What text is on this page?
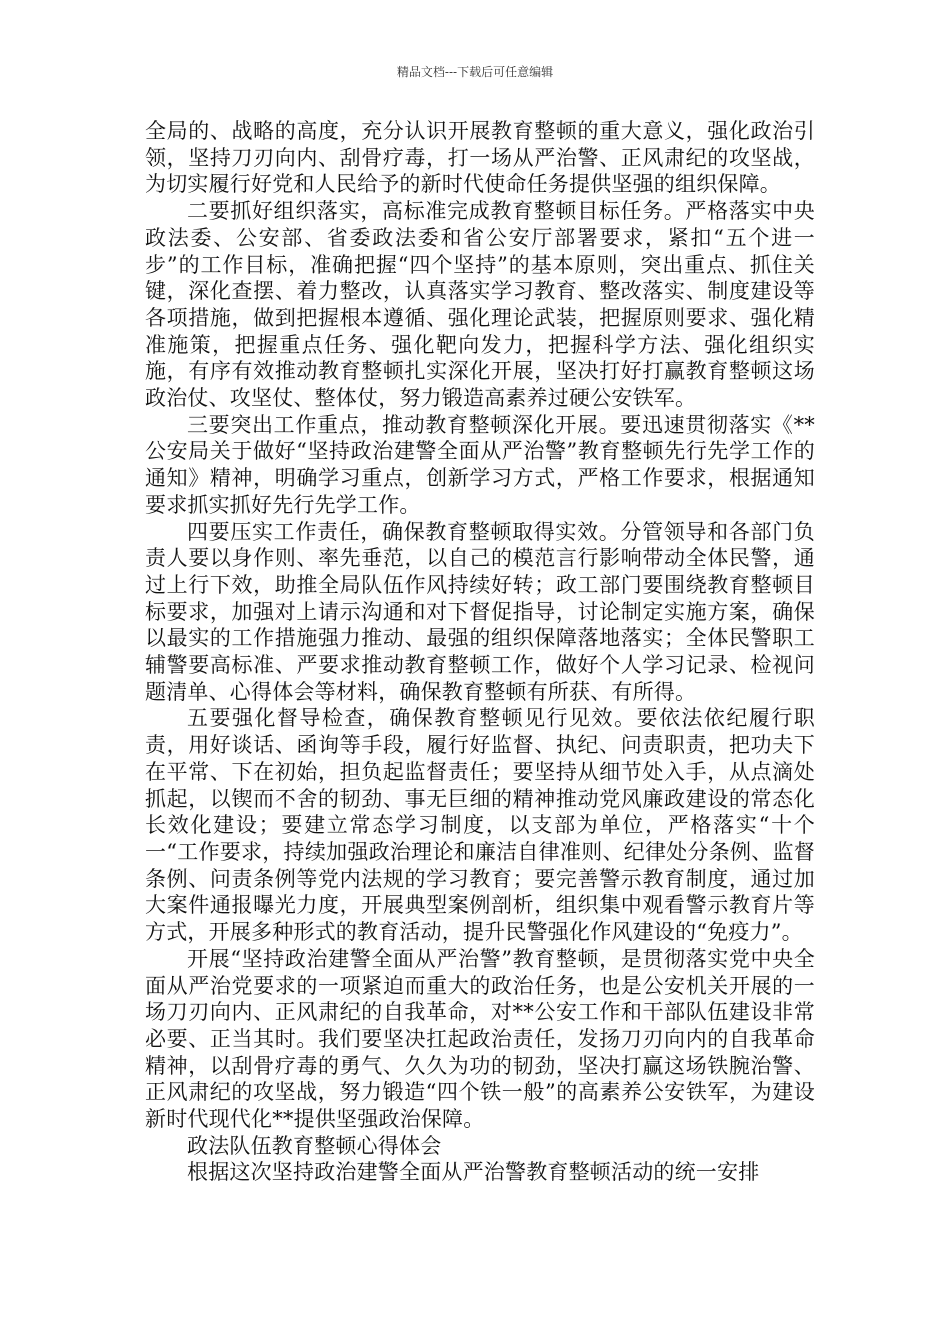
精品文档---下载后可任意编辑

全局的、战略的高度，充分认识开展教育整顿的重大意义，强化政治引领，坚持刀刃向内、刮骨疗毒，打一场从严治警、正风肃纪的攻坚战，为切实履行好党和人民给予的新时代使命任务提供坚强的组织保障。

二要抓好组织落实，高标准完成教育整顿目标任务。严格落实中央政法委、公安部、省委政法委和省公安厅部署要求，紧扣“五个进一步”的工作目标，准确把握“四个坚持”的基本原则，突出重点、抓住关键，深化查摆、着力整改，认真落实学习教育、整改落实、制度建设等各项措施，做到把握根本遵循、强化理论武装，把握原则要求、强化精准施策，把握重点任务、强化靶向发力，把握科学方法、强化组织实施，有序有效推动教育整顿扎实深化开展，坚决打好打赢教育整顿这场政治仗、攻坚仗、整体仗，努力锻造高素养过硬公安铁军。

三要突出工作重点，推动教育整顿深化开展。要迅速贯彻落实《**公安局关于做好“坚持政治建警全面从严治警”教育整顿先行先学工作的通知》精神，明确学习重点，创新学习方式，严格工作要求，根据通知要求抓实抓好先行先学工作。

四要压实工作责任，确保教育整顿取得实效。分管领导和各部门负责人要以身作则、率先垂范，以自己的模范言行影响带动全体民警，通过上行下效，助推全局队伍作风持续好转；政工部门要围绕教育整顿目标要求，加强对上请示沟通和对下督促指导，讨论制定实施方案，确保以最实的工作措施强力推动、最强的组织保障落地落实；全体民警职工辅警要高标准、严要求推动教育整顿工作，做好个人学习记录、检视问题清单、心得体会等材料，确保教育整顿有所获、有所得。

五要强化督导检查，确保教育整顿见行见效。要依法依纪履行职责，用好谈话、函询等手段，履行好监督、执纪、问责职责，把功夫下在平常、下在初始，担负起监督责任；要坚持从细节处入手，从点滴处抓起，以锲而不舍的韧劲、事无巨细的精神推动党风廉政建设的常态化长效化建设；要建立常态学习制度，以支部为单位，严格落实“十个一“工作要求，持续加强政治理论和廉洁自律准则、纪律处分条例、监督条例、问责条例等党内法规的学习教育；要完善警示教育制度，通过加大案件通报曝光力度，开展典型案例剖析，组织集中观看警示教育片等方式，开展多种形式的教育活动，提升民警强化作风建设的“免疫力”。

开展“坚持政治建警全面从严治警”教育整顿，是贯彻落实党中央全面从严治党要求的一项紧迫而重大的政治任务，也是公安机关开展的一场刀刃向内、正风肃纪的自我革命，对**公安工作和干部队伍建设非常必要、正当其时。我们要坚决扛起政治责任，发扬刀刃向内的自我革命精神，以刮骨疗毒的勇气、久久为功的韧劲，坚决打赢这场铁腕治警、正风肃纪的攻坚战，努力锻造“四个铁一般”的高素养公安铁军，为建设新时代现代化**提供坚强政治保障。

政法队伍教育整顿心得体会

根据这次坚持政治建警全面从严治警教育整顿活动的统一安排
